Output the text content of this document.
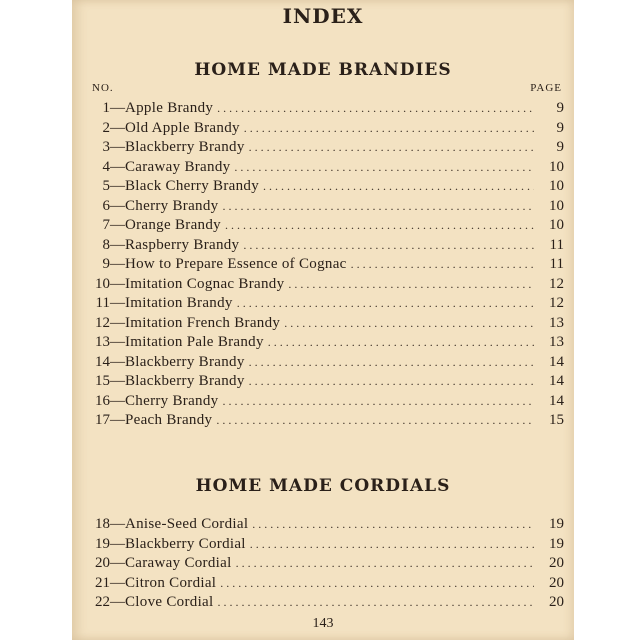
INDEX
HOME MADE BRANDIES
NO.	PAGE
1 — Apple Brandy . . .	9
2 — Old Apple Brandy . . .	9
3 — Blackberry Brandy . . .	9
4 — Caraway Brandy . . .	10
5 — Black Cherry Brandy . . .	10
6 — Cherry Brandy . . .	10
7 — Orange Brandy . . .	10
8 — Raspberry Brandy . . .	11
9 — How to Prepare Essence of Cognac . . .	11
10 — Imitation Cognac Brandy . . .	12
11 — Imitation Brandy . . .	12
12 — Imitation French Brandy . . .	13
13 — Imitation Pale Brandy . . .	13
14 — Blackberry Brandy . . .	14
15 — Blackberry Brandy . . .	14
16 — Cherry Brandy . . .	14
17 — Peach Brandy . . .	15
HOME MADE CORDIALS
18 — Anise-Seed Cordial . . .	19
19 — Blackberry Cordial . . .	19
20 — Caraway Cordial . . .	20
21 — Citron Cordial . . .	20
22 — Clove Cordial . . .	20
143
